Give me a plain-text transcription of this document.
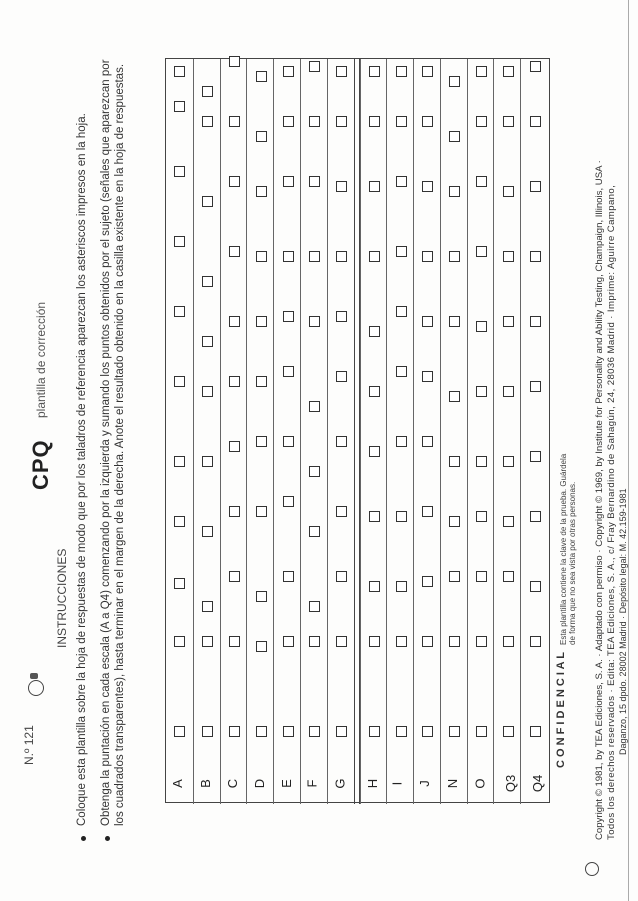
N.º 121
CPQ
plantilla de corrección
INSTRUCCIONES Coloque esta plantilla sobre la hoja de respuestas de modo que por los taladros de referencia aparezcan los asteriscos impresos en la hoja. Obtenga la puntación en cada escala (A a Q4) comenzando por la izquierda y sumando los puntos obtenidos por el sujeto (señales que aparezcan por los cuadrados transparentes), hasta terminar en el margen de la derecha. Anote el resultado obtenido en la casilla existente en la hoja de respuestas.	A B C D E F G H I J N O Q3 Q4
C O N F I D E N C I A L
Esta plantilla contiene la clave de la prueba. Guárdela de forma que no sea vista por otras personas. Copyright © 1981, by TEA Ediciones, S. A. · Adaptado con permiso · Copyright © 1969, by Institute for Personality and Ability Testing, Champaign, Illinois, USA · Todos los derechos reservados · Edita: TEA Ediciones, S. A., c/ Fray Bernardino de Sahagún, 24, 28036 Madrid · Imprime: Aguirre Campano, Daganzo, 15 dpdo. 28002 Madrid · Depósito legal: M. 42.159-1981
